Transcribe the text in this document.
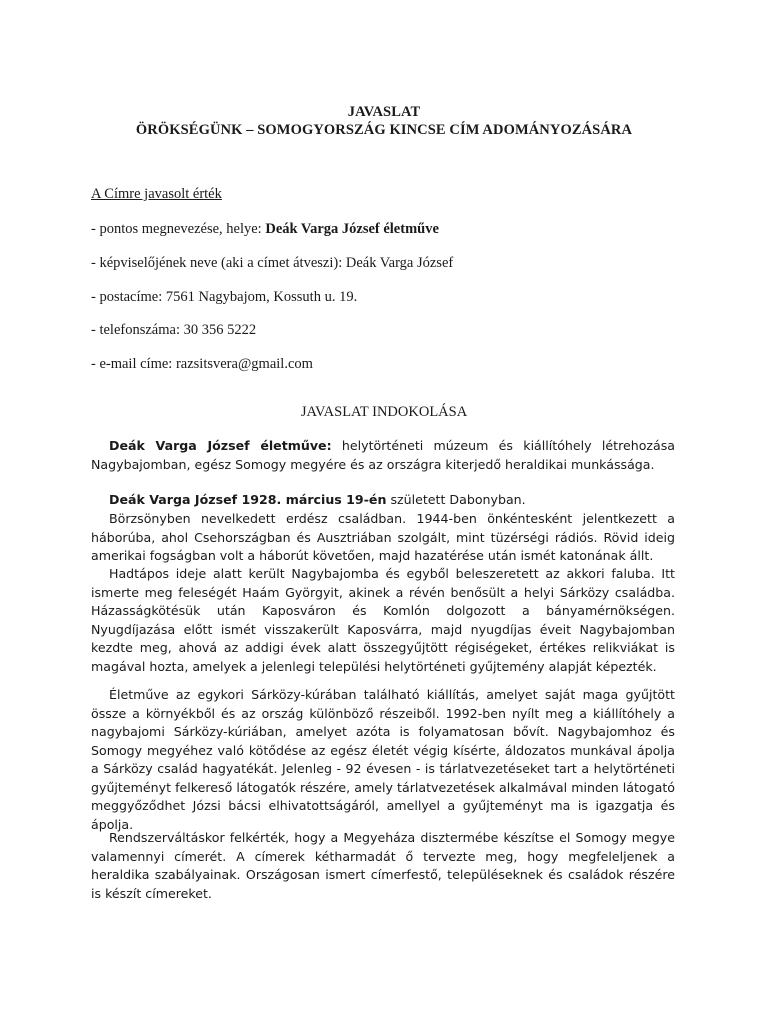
JAVASLAT
ÖRÖKSÉGÜNK – SOMOGYORSZÁG KINCSE CÍM ADOMÁNYOZÁSÁRA
A Címre javasolt érték
- pontos megnevezése, helye: Deák Varga József életműve
- képviselőjének neve (aki a címet átveszi): Deák Varga József
- postacíme: 7561 Nagybajom, Kossuth u. 19.
- telefonszáma: 30 356 5222
- e-mail címe: razsitsvera@gmail.com
JAVASLAT INDOKOLÁSA

Deák Varga József életműve: helytörténeti múzeum és kiállítóhely létrehozása Nagybajomban, egész Somogy megyére és az országra kiterjedő heraldikai munkássága.

Deák Varga József 1928. március 19-én született Dabonyban.

Börzsönyben nevelkedett erdész családban. 1944-ben önkéntesként jelentkezett a háborúba, ahol Csehországban és Ausztriában szolgált, mint tüzérségi rádiós. Rövid ideig amerikai fogságban volt a háborút követően, majd hazatérése után ismét katonának állt.

Hadtápos ideje alatt került Nagybajomba és egyből beleszeretett az akkori faluba. Itt ismerte meg feleségét Haám Györgyit, akinek a révén benősült a helyi Sárközy családba. Házasságkötésük után Kaposváron és Komlón dolgozott a bányamérnökségen. Nyugdíjazása előtt ismét visszakerült Kaposvárra, majd nyugdíjas éveit Nagybajomban kezdte meg, ahová az addigi évek alatt összegyűjtött régiségeket, értékes relikviákat is magával hozta, amelyek a jelenlegi települési helytörténeti gyűjtemény alapját képezték.

Életműve az egykori Sárközy-kúrában található kiállítás, amelyet saját maga gyűjtött össze a környékből és az ország különböző részeiből. 1992-ben nyílt meg a kiállítóhely a nagybajomi Sárközy-kúriában, amelyet azóta is folyamatosan bővít. Nagybajomhoz és Somogy megyéhez való kötődése az egész életét végig kísérte, áldozatos munkával ápolja a Sárközy család hagyatékát. Jelenleg - 92 évesen - is tárlatvezetéseket tart a helytörténeti gyűjteményt felkereső látogatók részére, amely tárlatvezetések alkalmával minden látogató meggyőződhet Józsi bácsi elhivatottságáról, amellyel a gyűjteményt ma is igazgatja és ápolja.

Rendszerváltáskor felkérték, hogy a Megyeháza disztermébe készítse el Somogy megye valamennyi címerét. A címerek kétharmadát ő tervezte meg, hogy megfeleljenek a heraldika szabályainak. Országosan ismert címerfestő, településeknek és családok részére is készít címereket.
